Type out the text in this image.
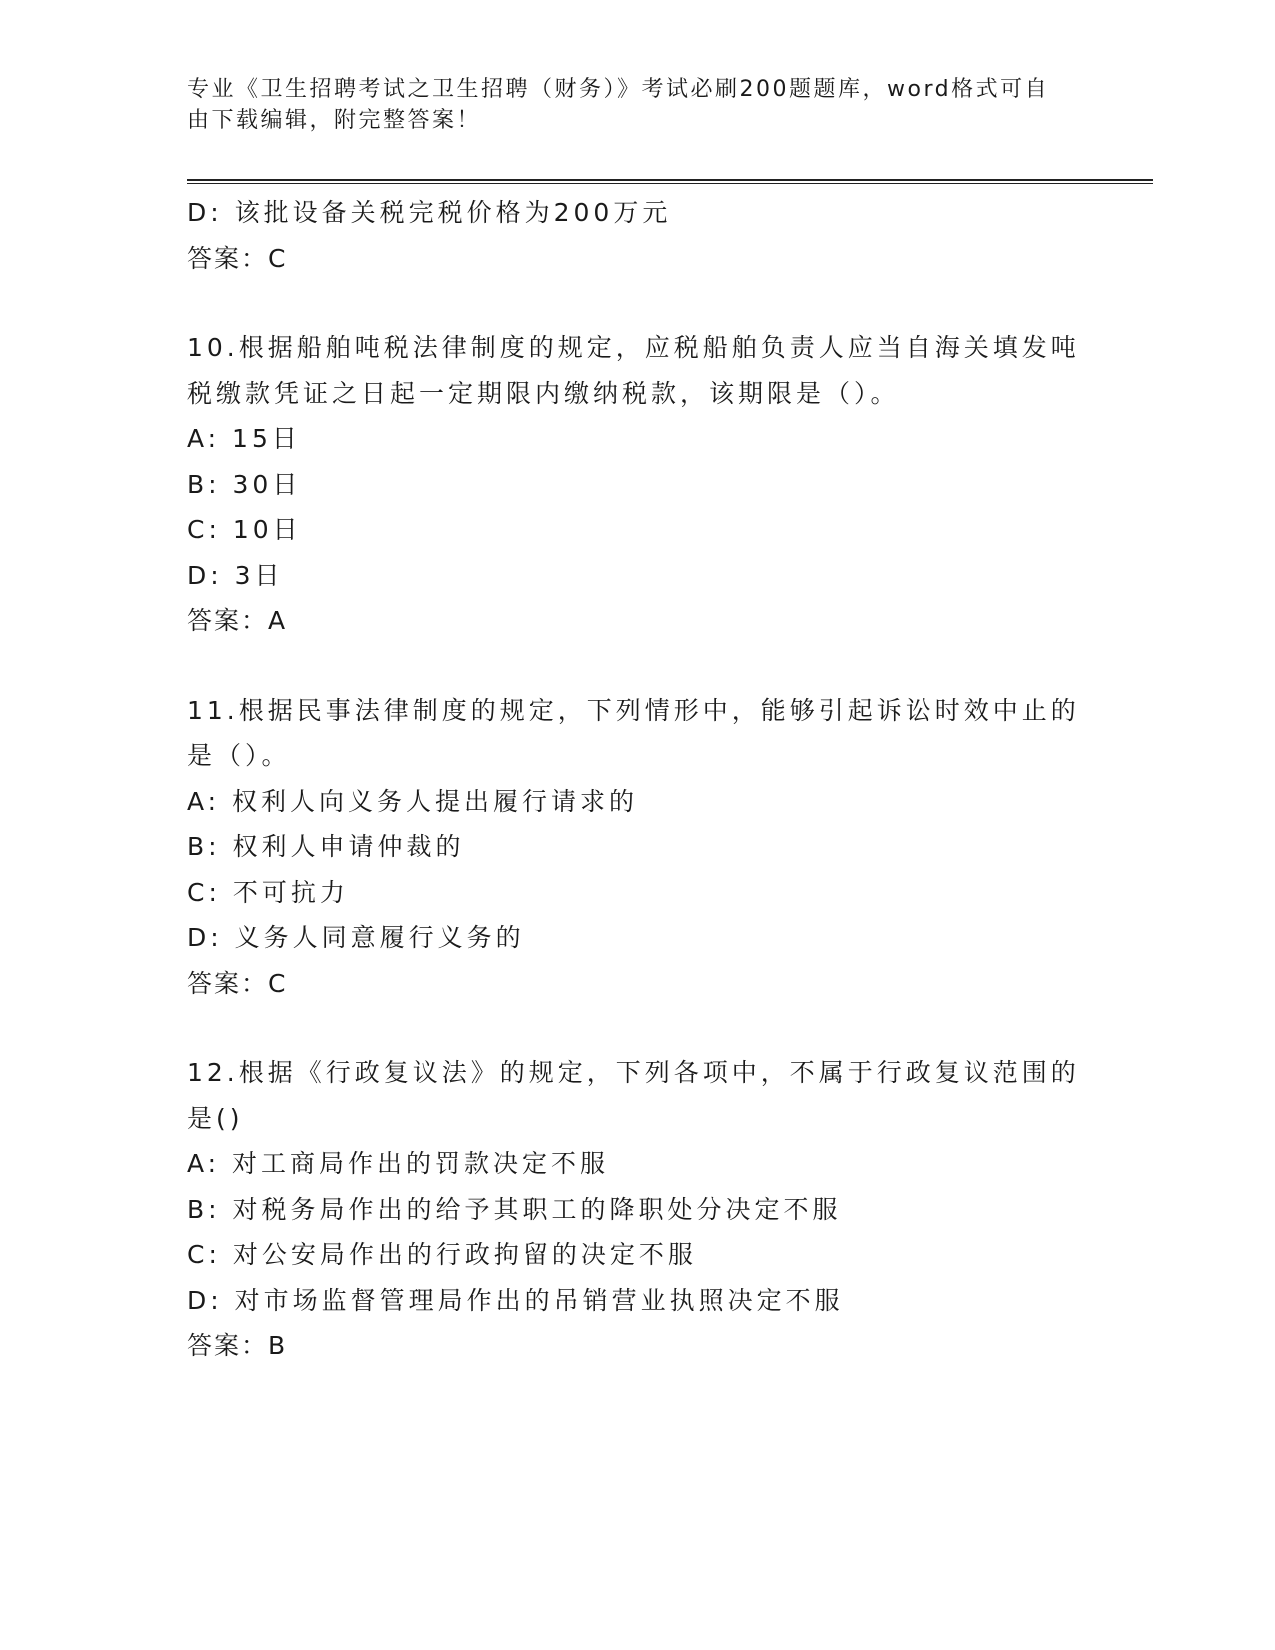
专业《卫生招聘考试之卫生招聘（财务）》考试必刷200题题库，word格式可自
由下载编辑，附完整答案！
D: 该批设备关税完税价格为200万元
答案：C
10.根据船舶吨税法律制度的规定，应税船舶负责人应当自海关填发吨
税缴款凭证之日起一定期限内缴纳税款，该期限是（）。
A: 15日
B: 30日
C: 10日
D: 3日
答案：A
11.根据民事法律制度的规定，下列情形中，能够引起诉讼时效中止的
是（）。
A: 权利人向义务人提出履行请求的
B: 权利人申请仲裁的
C: 不可抗力
D: 义务人同意履行义务的
答案：C
12.根据《行政复议法》的规定，下列各项中，不属于行政复议范围的
是()
A: 对工商局作出的罚款决定不服
B: 对税务局作出的给予其职工的降职处分决定不服
C: 对公安局作出的行政拘留的决定不服
D: 对市场监督管理局作出的吊销营业执照决定不服
答案：B
